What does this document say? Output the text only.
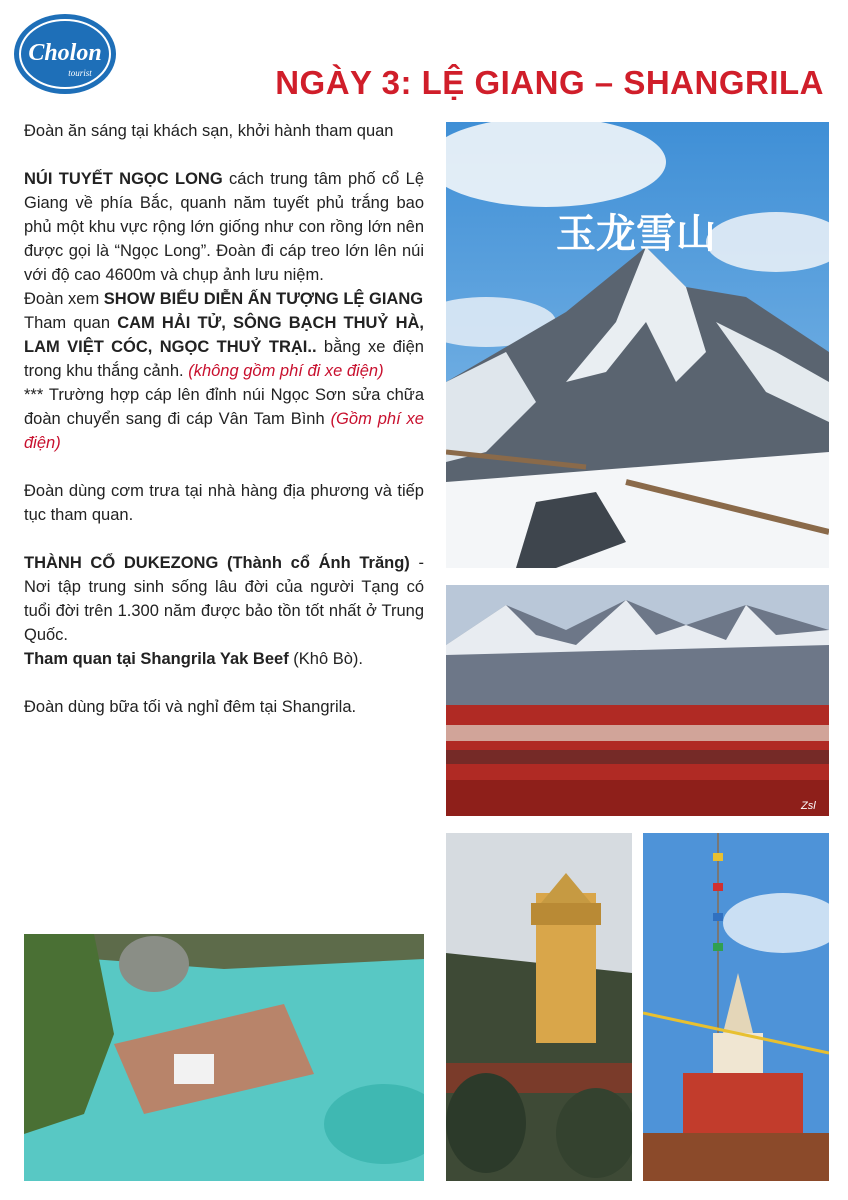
Cholon
tourist	NGÀY 3: LỆ GIANG – SHANGRILA

Đoàn ăn sáng tại khách sạn, khởi hành tham quan

NÚI TUYẾT NGỌC LONG cách trung tâm phố cổ Lệ Giang về phía Bắc, quanh năm tuyết phủ trắng bao phủ một khu vực rộng lớn giống như con rồng lớn nên được gọi là “Ngọc Long”. Đoàn đi cáp treo lớn lên núi với độ cao 4600m và chụp ảnh lưu niệm.

Đoàn xem SHOW BIỂU DIỄN ẤN TƯỢNG LỆ GIANG

Tham quan CAM HẢI TỬ, SÔNG BẠCH THUỶ HÀ, LAM VIỆT CÓC, NGỌC THUỶ TRẠI.. bằng xe điện trong khu thắng cảnh. (không gồm phí đi xe điện)

*** Trường hợp cáp lên đỉnh núi Ngọc Sơn sửa chữa đoàn chuyển sang đi cáp Vân Tam Bình (Gồm phí xe điện)

Đoàn dùng cơm trưa tại nhà hàng địa phương và tiếp tục tham quan.

THÀNH CỔ DUKEZONG (Thành cổ Ánh Trăng) - Nơi tập trung sinh sống lâu đời của người Tạng có tuổi đời trên 1.300 năm được bảo tồn tốt nhất ở Trung Quốc.

Tham quan tại Shangrila Yak Beef (Khô Bò).

Đoàn dùng bữa tối và nghỉ đêm tại Shangrila.

玉龙雪山
Zsl
